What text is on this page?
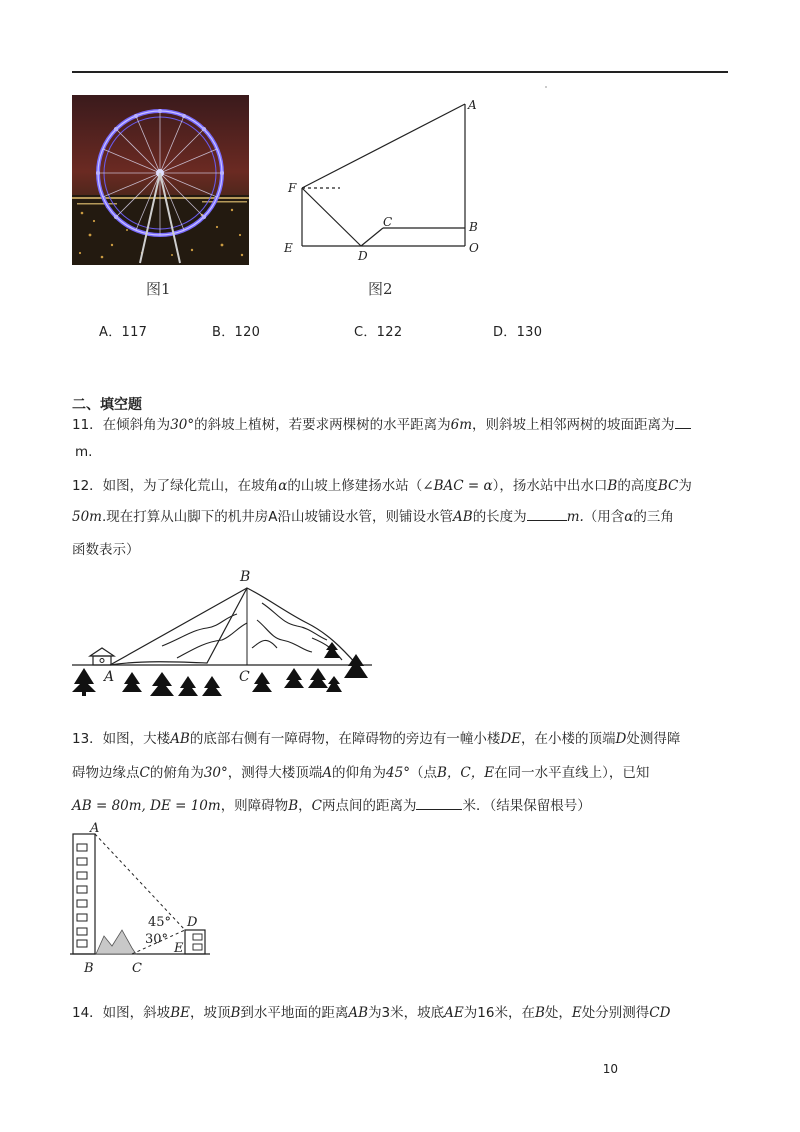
图1
A
F
C	B
E
D
O
图2
A．117	B．120	C．122	D．130
二、填空题
11．在倾斜角为30°的斜坡上植树，若要求两棵树的水平距离为6m，则斜坡上相邻两树的坡面距离为
m.
12．如图，为了绿化荒山，在坡角α的山坡上修建扬水站（∠BAC = α），扬水站中出水口B的高度BC为
50m.现在打算从山脚下的机井房A沿山坡铺设水管，则铺设水管AB的长度为	m.（用含α的三角
函数表示）
B
A	C
13．如图，大楼AB的底部右侧有一障碍物，在障碍物的旁边有一幢小楼DE，在小楼的顶端D处测得障
碍物边缘点C的俯角为30°，测得大楼顶端A的仰角为45°（点B，C，E在同一水平直线上），已知
AB = 80m, DE = 10m，则障碍物B，C两点间的距离为	米．（结果保留根号）
A
D
E
B	C
45°
30°
14．如图，斜坡BE，坡顶B到水平地面的距离AB为3米，坡底AE为16米，在B处，E处分别测得CD
10
